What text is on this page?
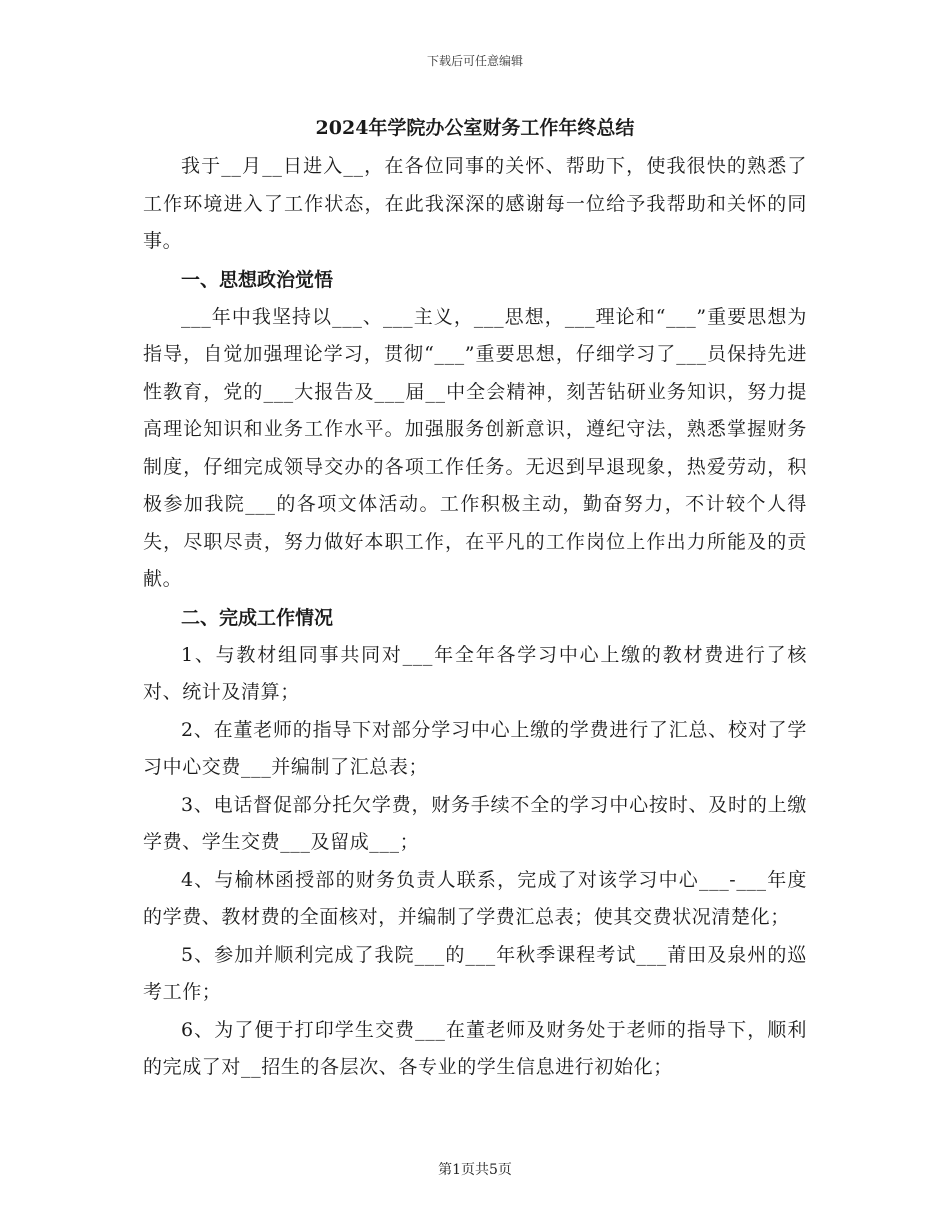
下载后可任意编辑

2024年学院办公室财务工作年终总结

我于__月__日进入__，在各位同事的关怀、帮助下，使我很快的熟悉了工作环境进入了工作状态，在此我深深的感谢每一位给予我帮助和关怀的同事。

一、思想政治觉悟

___年中我坚持以___、___主义，___思想，___理论和“___”重要思想为指导，自觉加强理论学习，贯彻“___”重要思想，仔细学习了___员保持先进性教育，党的___大报告及___届__中全会精神，刻苦钻研业务知识，努力提高理论知识和业务工作水平。加强服务创新意识，遵纪守法，熟悉掌握财务制度，仔细完成领导交办的各项工作任务。无迟到早退现象，热爱劳动，积极参加我院___的各项文体活动。工作积极主动，勤奋努力，不计较个人得失，尽职尽责，努力做好本职工作，在平凡的工作岗位上作出力所能及的贡献。

二、完成工作情况

1、与教材组同事共同对___年全年各学习中心上缴的教材费进行了核对、统计及清算；

2、在董老师的指导下对部分学习中心上缴的学费进行了汇总、校对了学习中心交费___并编制了汇总表；

3、电话督促部分托欠学费，财务手续不全的学习中心按时、及时的上缴学费、学生交费___及留成___；

4、与榆林函授部的财务负责人联系，完成了对该学习中心___-___年度的学费、教材费的全面核对，并编制了学费汇总表；使其交费状况清楚化；

5、参加并顺利完成了我院___的___年秋季课程考试___莆田及泉州的巡考工作；

6、为了便于打印学生交费___在董老师及财务处于老师的指导下，顺利的完成了对__招生的各层次、各专业的学生信息进行初始化；

第1页共5页
